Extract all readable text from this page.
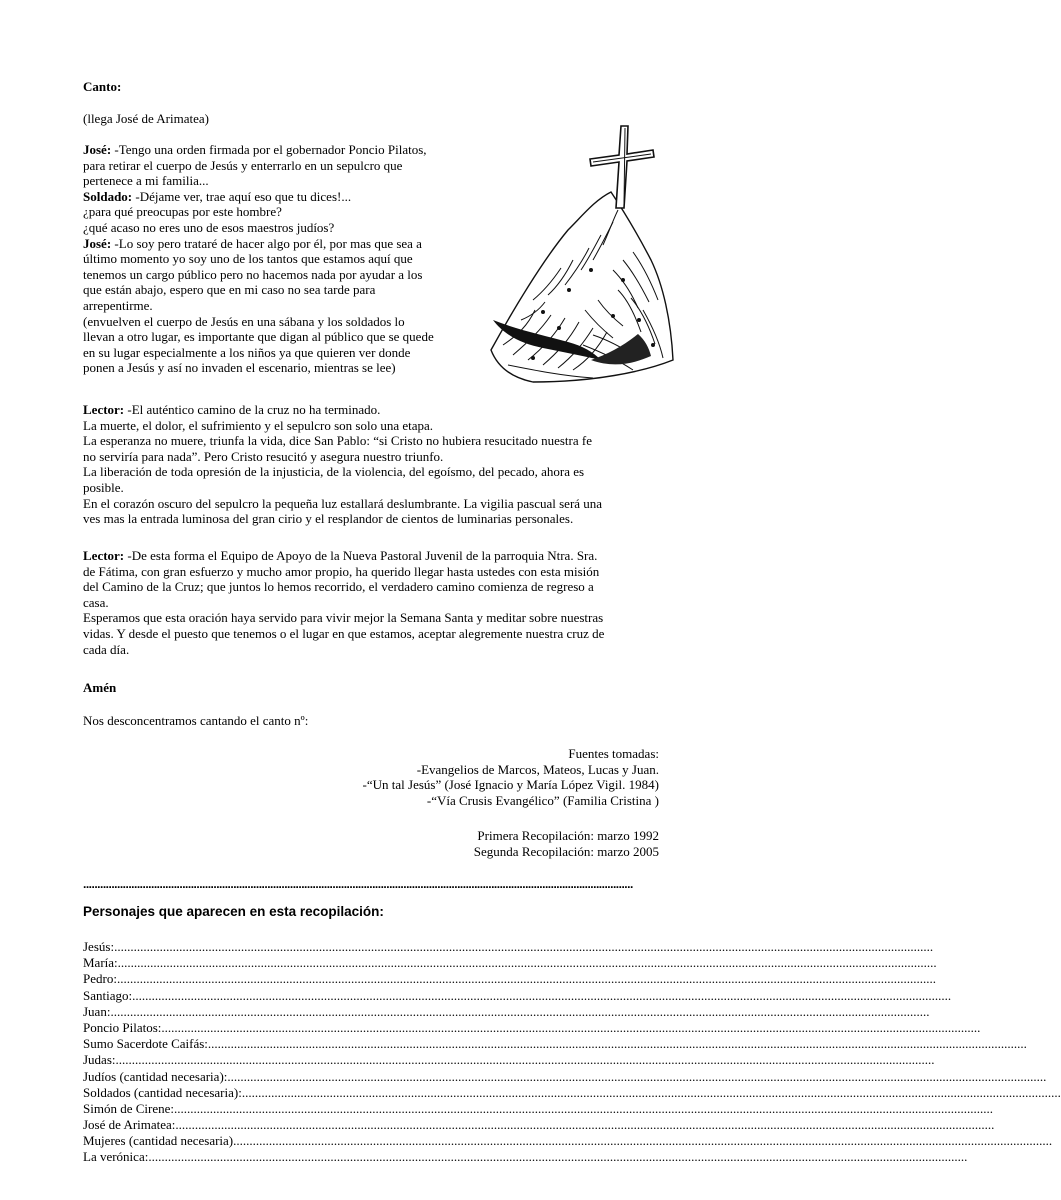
Canto:
(llega José de Arimatea)
José: -Tengo una orden firmada por el gobernador Poncio Pilatos,
para retirar el cuerpo de Jesús y enterrarlo en un sepulcro que
pertenece a mi familia...
Soldado: -Déjame ver, trae aquí eso que tu dices!...
¿para qué preocupas por este hombre?
¿qué acaso no eres uno de esos maestros judíos?
José: -Lo soy pero trataré de hacer algo por él, por mas que sea a
último momento yo soy uno de los tantos que estamos aquí que
tenemos un cargo público pero no hacemos nada por ayudar a los
que están abajo, espero que en mi caso no sea tarde para
arrepentirme.
(envuelven el cuerpo de Jesús en una sábana y los soldados lo
llevan a otro lugar, es importante que digan al público que se quede
en su lugar especialmente a los niños ya que quieren ver donde
ponen a Jesús y así no invaden el escenario, mientras se lee)
Lector: -El auténtico camino de la cruz no ha terminado.
La muerte, el dolor, el sufrimiento y el sepulcro son solo una etapa.
La esperanza no muere, triunfa la vida, dice San Pablo: “si Cristo no hubiera resucitado nuestra fe
no serviría para nada”. Pero Cristo resucitó y asegura nuestro triunfo.
La liberación de toda opresión de la injusticia, de la violencia, del egoísmo, del pecado, ahora es
posible.
En el corazón oscuro del sepulcro la pequeña luz estallará deslumbrante. La vigilia pascual será una
ves mas la entrada luminosa del gran cirio y el resplandor de cientos de luminarias personales.
Lector: -De esta forma el Equipo de Apoyo de la Nueva Pastoral Juvenil de la parroquia Ntra. Sra.
de Fátima, con gran esfuerzo y mucho amor propio, ha querido llegar hasta ustedes con esta misión
del Camino de la Cruz; que juntos lo hemos recorrido, el verdadero camino comienza de regreso a
casa.
Esperamos que esta oración haya servido para vivir mejor la Semana Santa y meditar sobre nuestras
vidas. Y desde el puesto que tenemos o el lugar en que estamos, aceptar alegremente nuestra cruz de
cada día.
Amén
Nos desconcentramos cantando el canto nº:
Fuentes tomadas:
-Evangelios de Marcos, Mateos, Lucas y Juan.
-“Un tal Jesús” (José Ignacio y María López Vigil. 1984)
-“Vía Crusis Evangélico” (Familia Cristina )
Primera Recopilación: marzo 1992
Segunda Recopilación: marzo 2005
..................................................................................................................................................................................................
Personajes que aparecen en esta recopilación:
Jesús: ............................................................................................................................................................................................................................................................
María: ............................................................................................................................................................................................................................................................
Pedro: ............................................................................................................................................................................................................................................................
Santiago: ............................................................................................................................................................................................................................................................
Juan: ............................................................................................................................................................................................................................................................
Poncio Pilatos: ............................................................................................................................................................................................................................................................
Sumo Sacerdote Caifás: ............................................................................................................................................................................................................................................................
Judas: ............................................................................................................................................................................................................................................................
Judíos (cantidad necesaria): ............................................................................................................................................................................................................................................................
Soldados (cantidad necesaria): ............................................................................................................................................................................................................................................................
Simón de Cirene: ............................................................................................................................................................................................................................................................
José de Arimatea: ............................................................................................................................................................................................................................................................
Mujeres (cantidad necesaria) ............................................................................................................................................................................................................................................................
La verónica: ............................................................................................................................................................................................................................................................
